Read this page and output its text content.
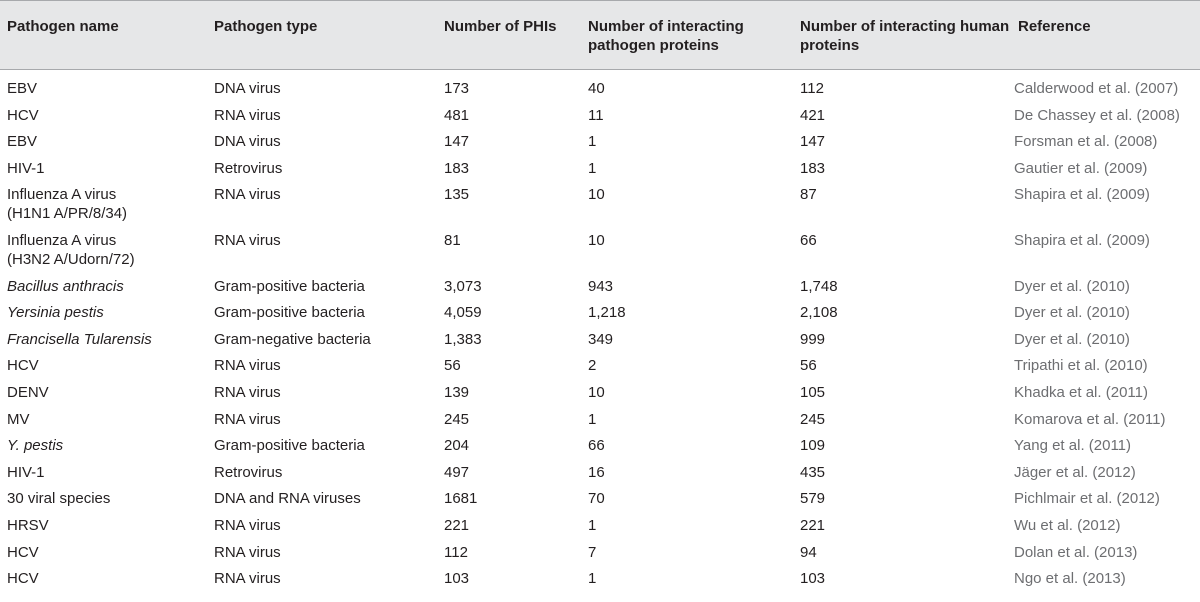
Pathogen name	Pathogen type	Number of PHIs	Number of interacting pathogen proteins	Number of interacting human proteins	Reference
EBV	DNA virus	173	40	112	Calderwood et al. (2007)
HCV	RNA virus	481	11	421	De Chassey et al. (2008)
EBV	DNA virus	147	1	147	Forsman et al. (2008)
HIV-1	Retrovirus	183	1	183	Gautier et al. (2009)
Influenza A virus
(H1N1 A/PR/8/34)	RNA virus	135	10	87	Shapira et al. (2009)
Influenza A virus
(H3N2 A/Udorn/72)	RNA virus	81	10	66	Shapira et al. (2009)
Bacillus anthracis	Gram-positive bacteria	3,073	943	1,748	Dyer et al. (2010)
Yersinia pestis	Gram-positive bacteria	4,059	1,218	2,108	Dyer et al. (2010)
Francisella Tularensis	Gram-negative bacteria	1,383	349	999	Dyer et al. (2010)
HCV	RNA virus	56	2	56	Tripathi et al. (2010)
DENV	RNA virus	139	10	105	Khadka et al. (2011)
MV	RNA virus	245	1	245	Komarova et al. (2011)
Y. pestis	Gram-positive bacteria	204	66	109	Yang et al. (2011)
HIV-1	Retrovirus	497	16	435	Jäger et al. (2012)
30 viral species	DNA and RNA viruses	1681	70	579	Pichlmair et al. (2012)
HRSV	RNA virus	221	1	221	Wu et al. (2012)
HCV	RNA virus	112	7	94	Dolan et al. (2013)
HCV	RNA virus	103	1	103	Ngo et al. (2013)
